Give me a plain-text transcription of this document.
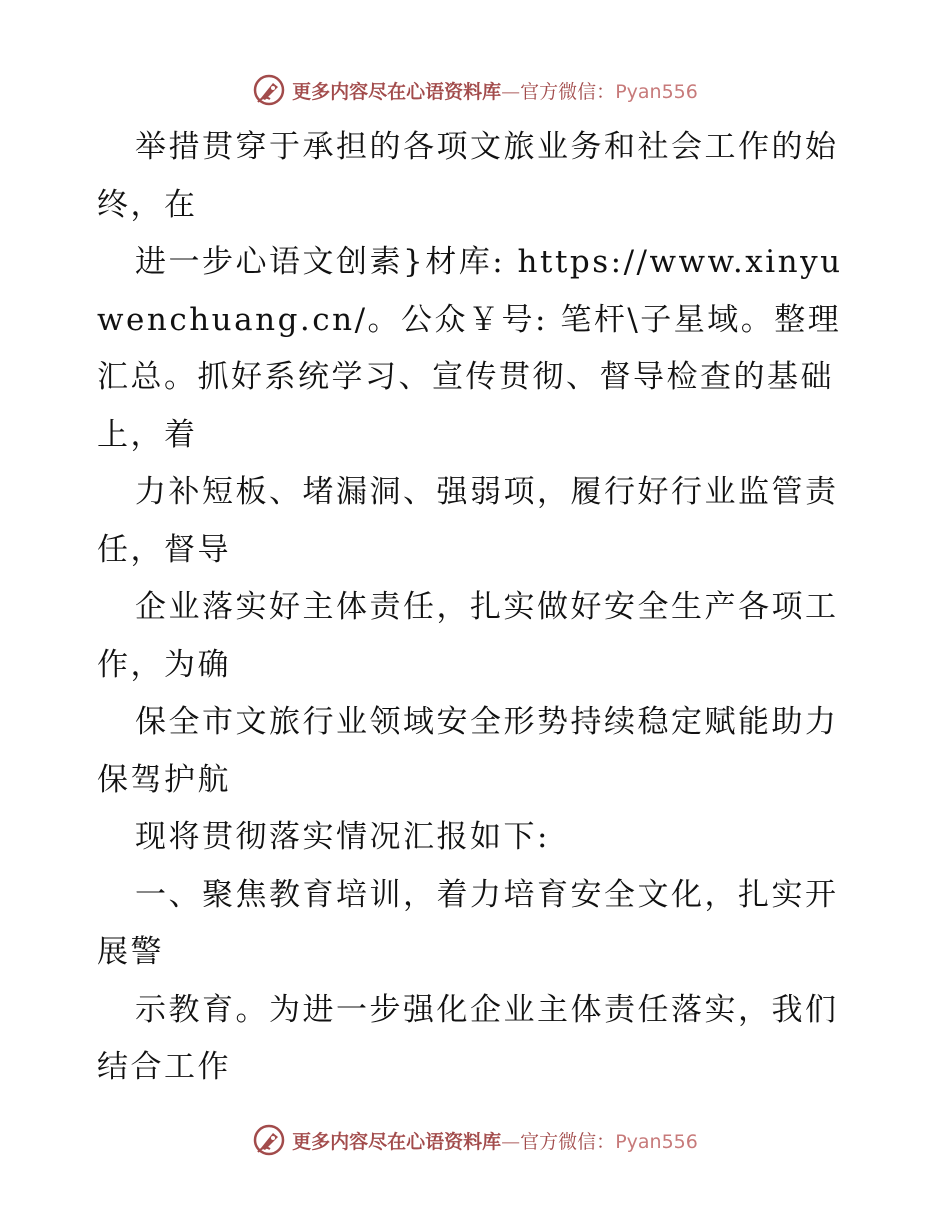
更多内容尽在心语资料库—官方微信：Pyan556

举措贯穿于承担的各项文旅业务和社会工作的始终，在

进一步心语文创素}材库: https://www.xinyuwenchuang.cn/。公众￥号: 笔杆\子星域。整理汇总。抓好系统学习、宣传贯彻、督导检查的基础上，着

力补短板、堵漏洞、强弱项，履行好行业监管责任，督导

企业落实好主体责任，扎实做好安全生产各项工作，为确

保全市文旅行业领域安全形势持续稳定赋能助力保驾护航

现将贯彻落实情况汇报如下:

一、聚焦教育培训，着力培育安全文化，扎实开展警

示教育。为进一步强化企业主体责任落实，我们结合工作

更多内容尽在心语资料库—官方微信：Pyan556
